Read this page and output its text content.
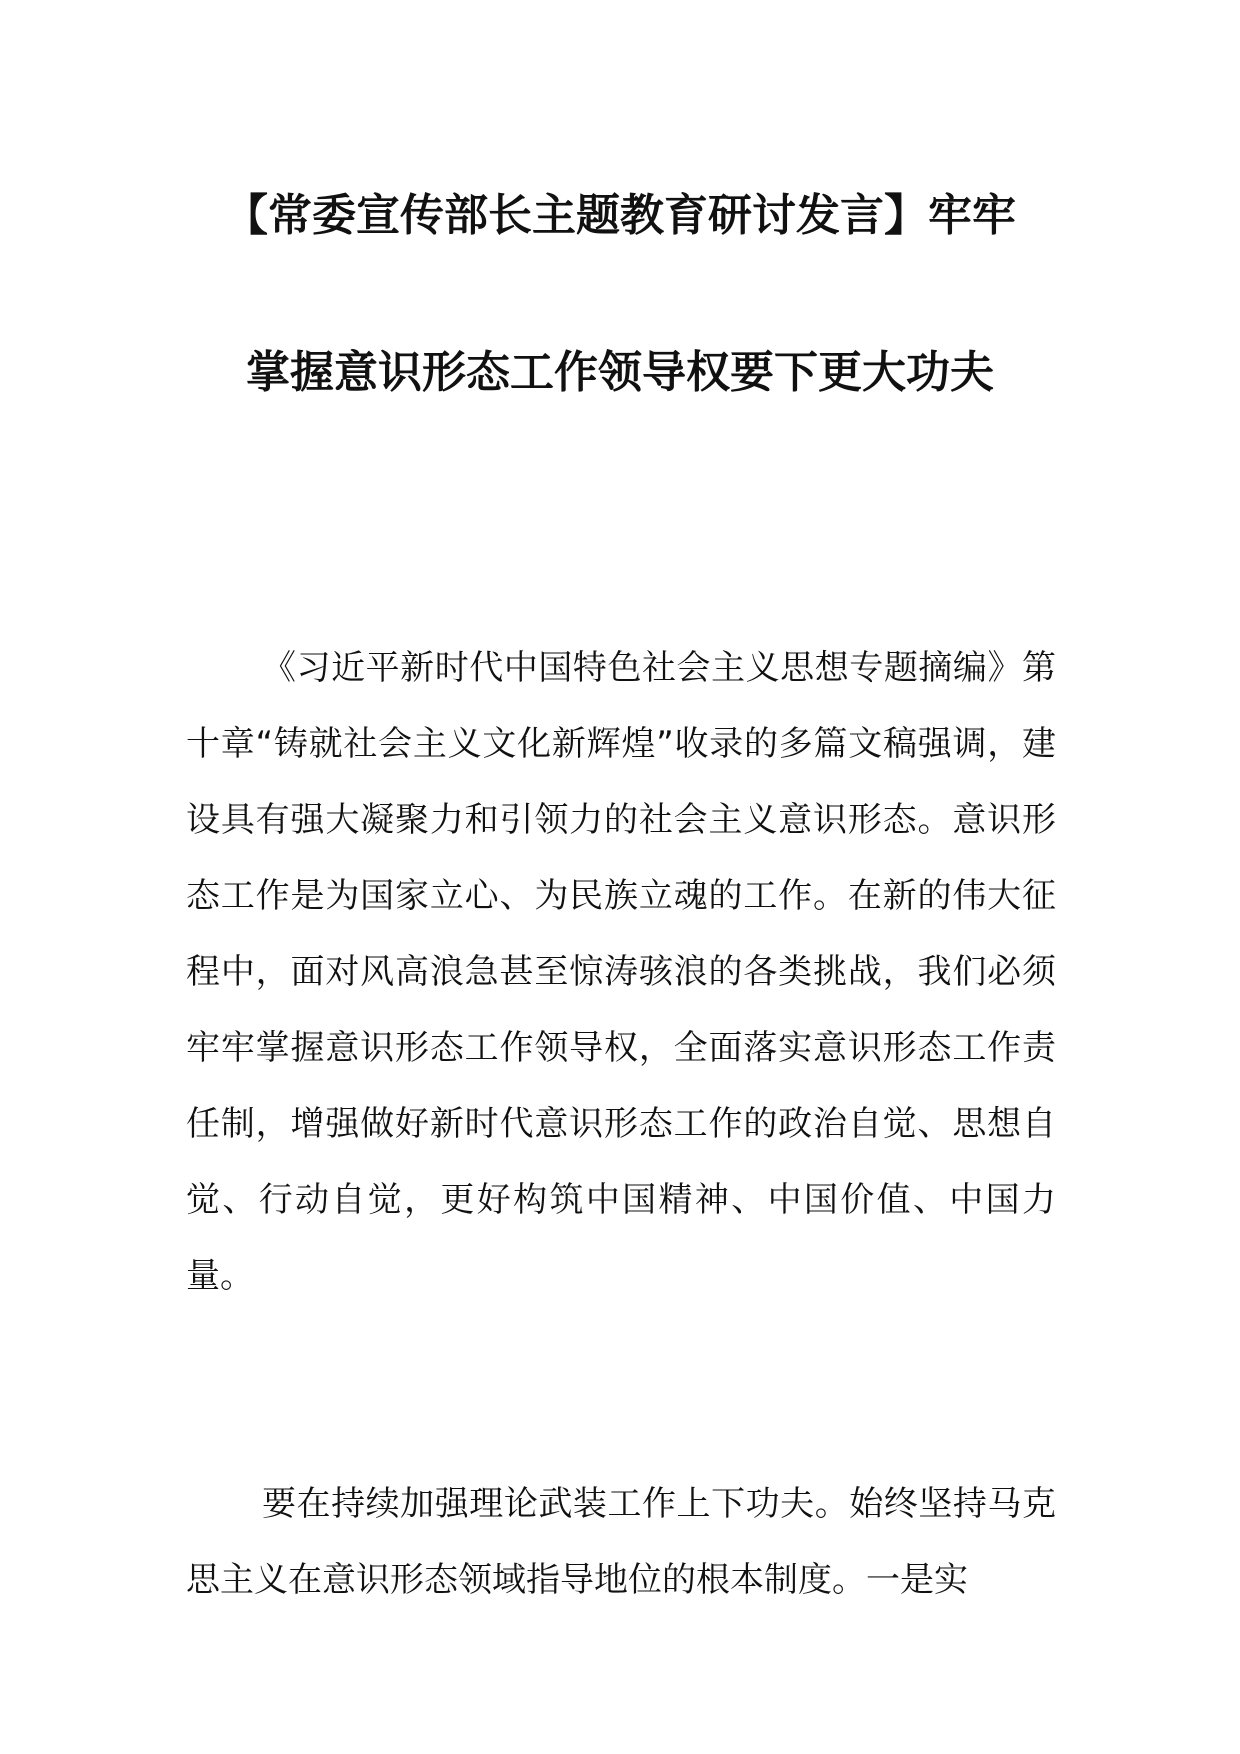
【常委宣传部长主题教育研讨发言】牢牢
掌握意识形态工作领导权要下更大功夫

《习近平新时代中国特色社会主义思想专题摘编》第十章“铸就社会主义文化新辉煌”收录的多篇文稿强调，建设具有强大凝聚力和引领力的社会主义意识形态。意识形态工作是为国家立心、为民族立魂的工作。在新的伟大征程中，面对风高浪急甚至惊涛骇浪的各类挑战，我们必须牢牢掌握意识形态工作领导权，全面落实意识形态工作责任制，增强做好新时代意识形态工作的政治自觉、思想自觉、行动自觉，更好构筑中国精神、中国价值、中国力量。

要在持续加强理论武装工作上下功夫。始终坚持马克思主义在意识形态领域指导地位的根本制度。一是实
